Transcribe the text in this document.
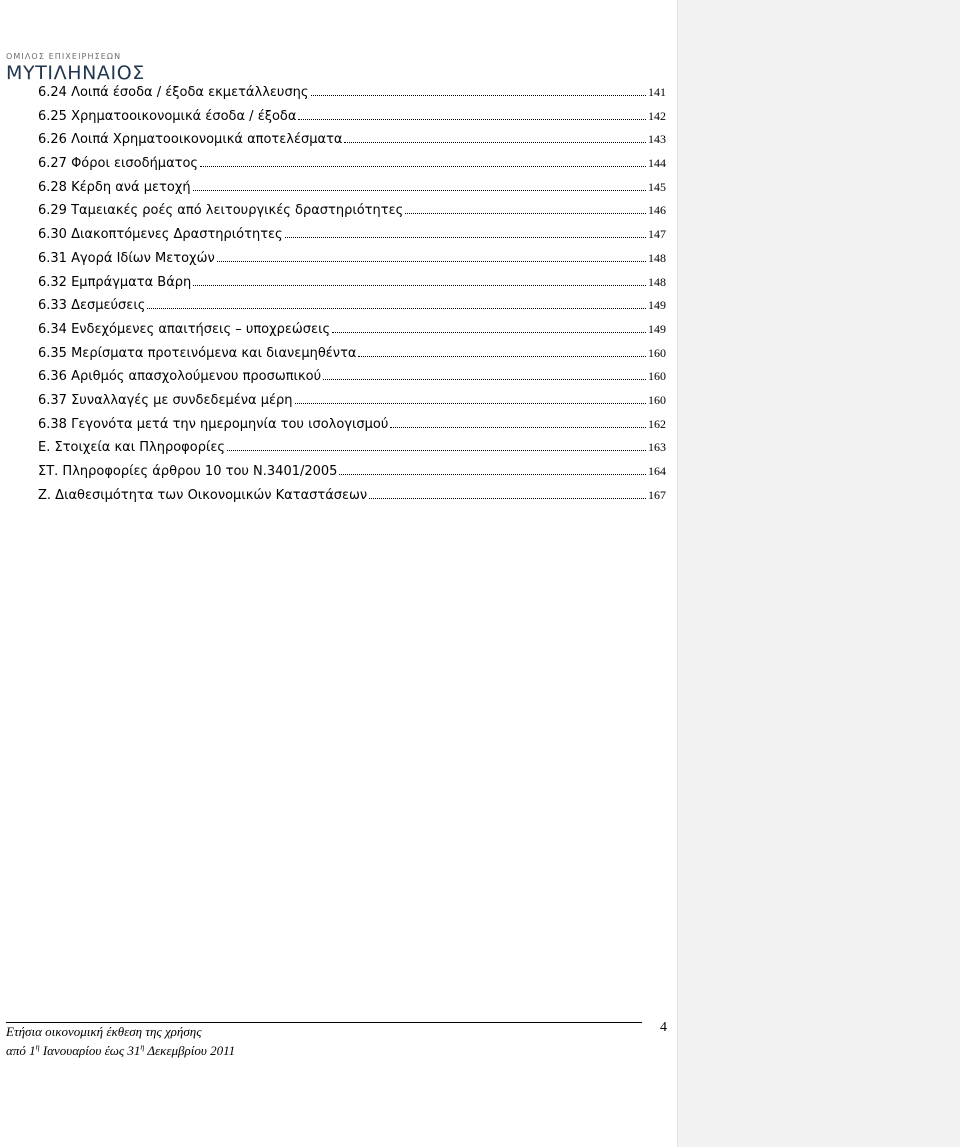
ΟΜΙΛΟΣ ΕΠΙΧΕΙΡΗΣΕΩΝ
ΜΥΤΙΛΗΝΑΙΟΣ
6.24 Λοιπά έσοδα / έξοδα εκμετάλλευσης	141
6.25 Χρηματοοικονομικά έσοδα / έξοδα	142
6.26 Λοιπά Χρηματοοικονομικά αποτελέσματα	143
6.27 Φόροι εισοδήματος	144
6.28 Κέρδη ανά μετοχή	145
6.29 Ταμειακές ροές από λειτουργικές δραστηριότητες	146
6.30 Διακοπτόμενες Δραστηριότητες	147
6.31 Αγορά Ιδίων Μετοχών	148
6.32 Εμπράγματα Βάρη	148
6.33 Δεσμεύσεις	149
6.34 Ενδεχόμενες απαιτήσεις – υποχρεώσεις	149
6.35 Μερίσματα προτεινόμενα και διανεμηθέντα	160
6.36 Αριθμός απασχολούμενου προσωπικού	160
6.37 Συναλλαγές με συνδεδεμένα μέρη	160
6.38 Γεγονότα μετά την ημερομηνία του ισολογισμού	162
Ε. Στοιχεία και Πληροφορίες	163
ΣΤ. Πληροφορίες άρθρου 10 του Ν.3401/2005	164
Ζ. Διαθεσιμότητα των Οικονομικών Καταστάσεων	167
Ετήσια οικονομική έκθεση της χρήσης
από $1^\eta$ Ιανουαρίου έως $31^\eta$ Δεκεμβρίου 2011
4
